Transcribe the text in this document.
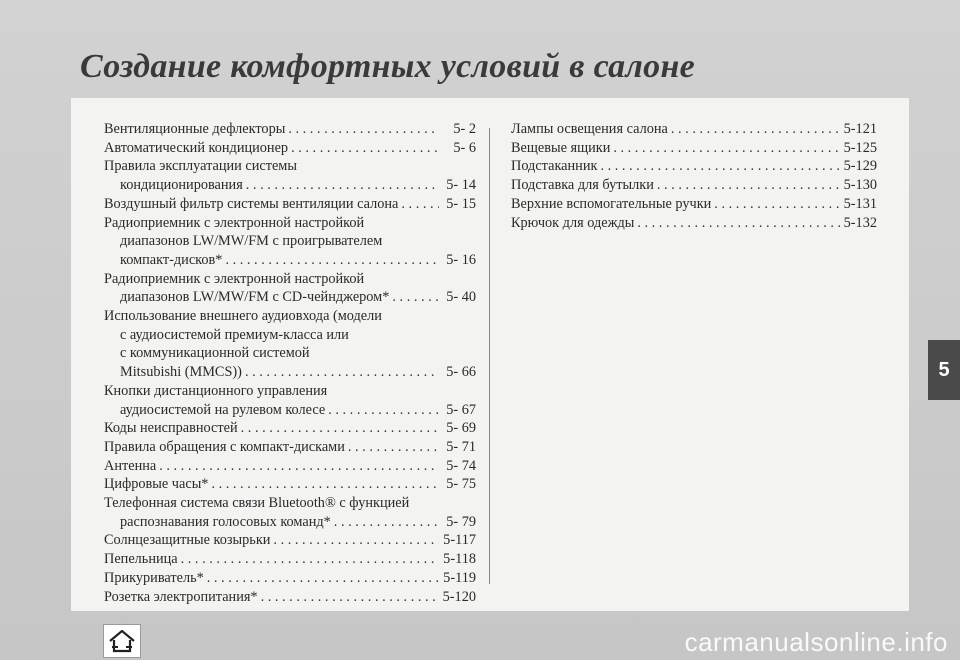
Создание комфортных условий в салоне
Вентиляционные дефлекторы . . .	5- 2
Автоматический кондиционер . . .	5- 6
Правила эксплуатации системы
кондиционирования . . .	5- 14
Воздушный фильтр системы вентиляции салона . . .	5- 15
Радиоприемник с электронной настройкой
диапазонов LW/MW/FM с проигрывателем
компакт-дисков* . . .	5- 16
Радиоприемник с электронной настройкой
диапазонов LW/MW/FM с CD-чейнджером* . . .	5- 40
Использование внешнего аудиовхода (модели
с аудиосистемой премиум-класса или
с коммуникационной системой
Mitsubishi (MMCS)) . . .	5- 66
Кнопки дистанционного управления
аудиосистемой на рулевом колесе . . .	5- 67
Коды неисправностей . . .	5- 69
Правила обращения с компакт-дисками . . .	5- 71
Антенна . . .	5- 74
Цифровые часы* . . .	5- 75
Телефонная система связи Bluetooth® с функцией
распознавания голосовых команд* . . .	5- 79
Солнцезащитные козырьки . . .	5-117
Пепельница . . .	5-118
Прикуриватель* . . .	5-119
Розетка электропитания* . . .	5-120
Лампы освещения салона . . .	5-121
Вещевые ящики . . .	5-125
Подстаканник . . .	5-129
Подставка для бутылки . . .	5-130
Верхние вспомогательные ручки . . .	5-131
Крючок для одежды . . .	5-132
5
carmanualsonline.info
